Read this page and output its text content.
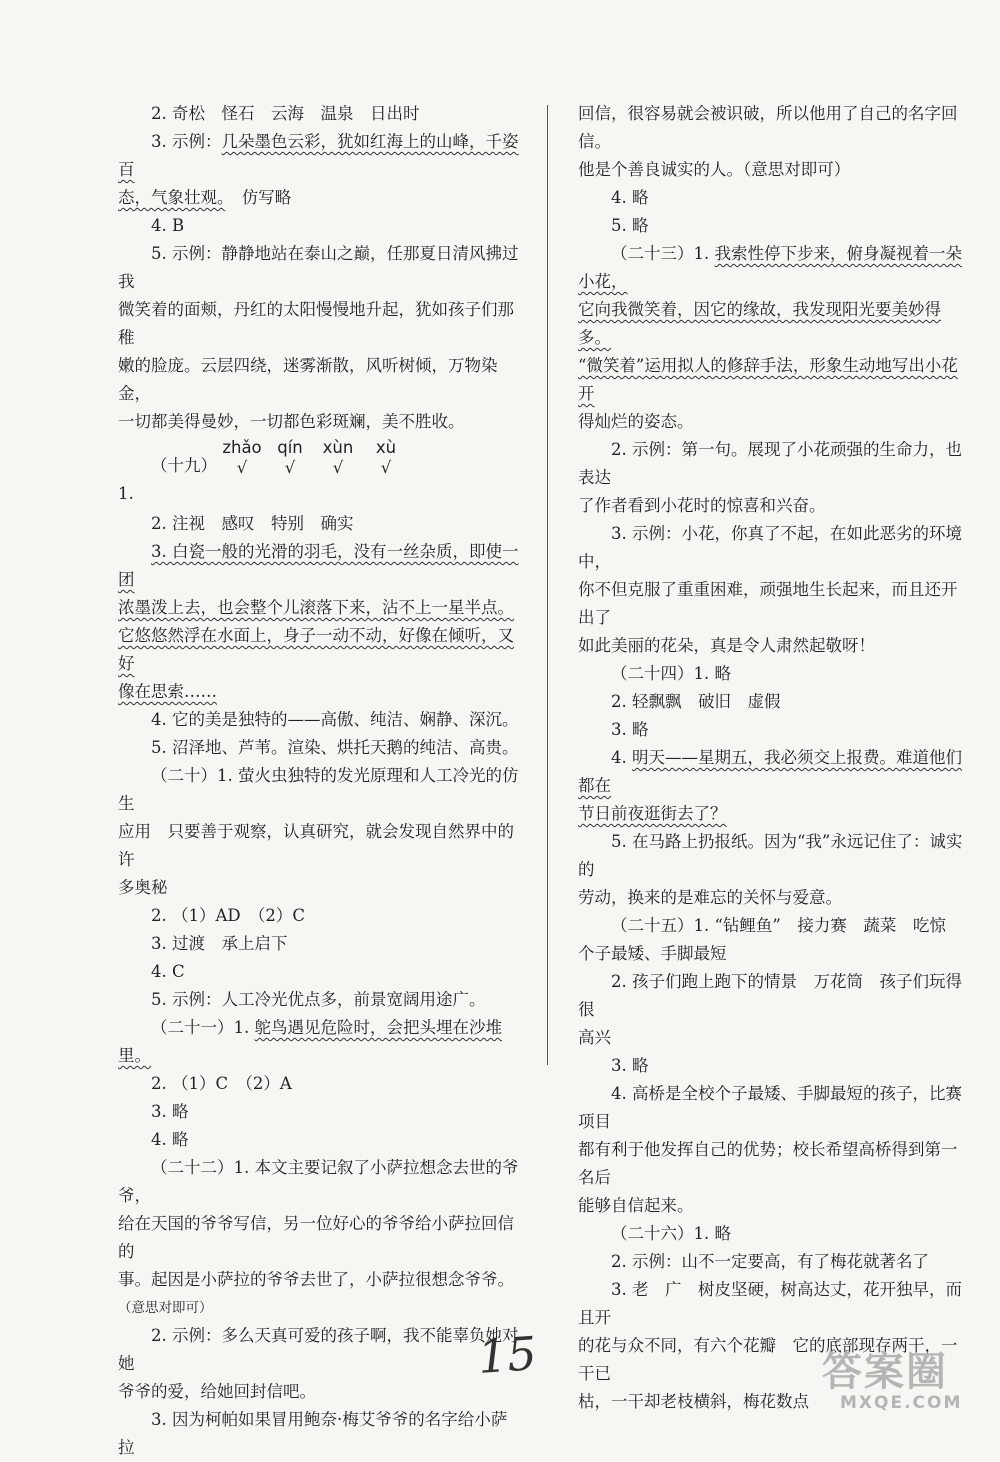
2. 奇松　怪石　云海　温泉　日出时

3. 示例：几朵墨色云彩，犹如红海上的山峰，千姿百

态，气象壮观。　仿写略

4. B

5. 示例：静静地站在泰山之巅，任那夏日清风拂过我

微笑着的面颊，丹红的太阳慢慢地升起，犹如孩子们那稚

嫩的脸庞。云层四绕，迷雾渐散，风听树倾，万物染金，

一切都美得曼妙，一切都色彩斑斓，美不胜收。

（十九）1.
zhǎo qín	xùn	xù
√	√	√	√

2. 注视　感叹　特别　确实

3. 白瓷一般的光滑的羽毛，没有一丝杂质，即使一团

浓墨泼上去，也会整个儿滚落下来，沾不上一星半点。

它悠悠然浮在水面上，身子一动不动，好像在倾听，又好

像在思索……

4. 它的美是独特的——高傲、纯洁、娴静、深沉。

5. 沼泽地、芦苇。渲染、烘托天鹅的纯洁、高贵。

（二十）1. 萤火虫独特的发光原理和人工冷光的仿生

应用　只要善于观察，认真研究，就会发现自然界中的许

多奥秘

2. （1）AD　（2）C

3. 过渡　承上启下

4. C

5. 示例：人工冷光优点多，前景宽阔用途广。

（二十一）1. 鸵鸟遇见危险时，会把头埋在沙堆里。

2. （1）C　（2）A

3. 略

4. 略

（二十二）1. 本文主要记叙了小萨拉想念去世的爷爷，

给在天国的爷爷写信，另一位好心的爷爷给小萨拉回信的

事。起因是小萨拉的爷爷去世了，小萨拉很想念爷爷。

（意思对即可）

2. 示例：多么天真可爱的孩子啊，我不能辜负她对她

爷爷的爱，给她回封信吧。

3. 因为柯帕如果冒用鲍奈·梅艾爷爷的名字给小萨拉

回信，很容易就会被识破，所以他用了自己的名字回信。

他是个善良诚实的人。（意思对即可）

4. 略

5. 略

（二十三）1. 我索性停下步来，俯身凝视着一朵小花，

它向我微笑着，因它的缘故，我发现阳光要美妙得多。

“微笑着”运用拟人的修辞手法，形象生动地写出小花开

得灿烂的姿态。

2. 示例：第一句。展现了小花顽强的生命力，也表达

了作者看到小花时的惊喜和兴奋。

3. 示例：小花，你真了不起，在如此恶劣的环境中，

你不但克服了重重困难，顽强地生长起来，而且还开出了

如此美丽的花朵，真是令人肃然起敬呀！

（二十四）1. 略

2. 轻飘飘　破旧　虚假

3. 略

4. 明天——星期五，我必须交上报费。难道他们都在

节日前夜逛街去了？

5. 在马路上扔报纸。因为“我”永远记住了：诚实的

劳动，换来的是难忘的关怀与爱意。

（二十五）1. “钻鲤鱼”　接力赛　蔬菜　吃惊

个子最矮、手脚最短

2. 孩子们跑上跑下的情景　万花筒　孩子们玩得很

高兴

3. 略

4. 高桥是全校个子最矮、手脚最短的孩子，比赛项目

都有利于他发挥自己的优势；校长希望高桥得到第一名后

能够自信起来。

（二十六）1. 略

2. 示例：山不一定要高，有了梅花就著名了

3. 老　广　树皮坚硬，树高达丈，花开独早，而且开

的花与众不同，有六个花瓣　它的底部现存两干，一干已

枯，一干却老枝横斜，梅花数点

15	答案圈
MXQE.COM
